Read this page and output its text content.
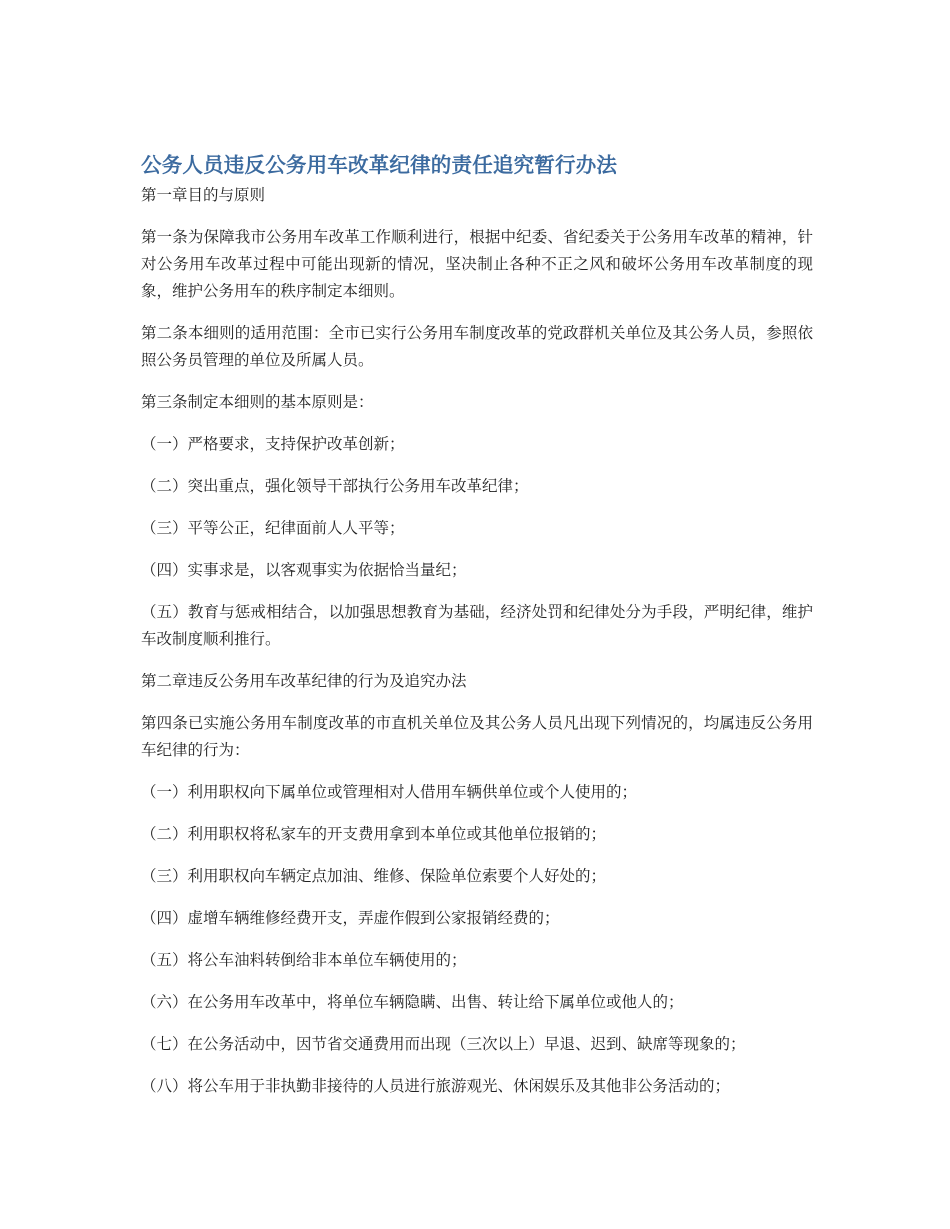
公务人员违反公务用车改革纪律的责任追究暂行办法

第一章目的与原则

第一条为保障我市公务用车改革工作顺利进行，根据中纪委、省纪委关于公务用车改革的精神，针对公务用车改革过程中可能出现新的情况，坚决制止各种不正之风和破坏公务用车改革制度的现象，维护公务用车的秩序制定本细则。

第二条本细则的适用范围：全市已实行公务用车制度改革的党政群机关单位及其公务人员，参照依照公务员管理的单位及所属人员。

第三条制定本细则的基本原则是：

（一）严格要求，支持保护改革创新；

（二）突出重点，强化领导干部执行公务用车改革纪律；

（三）平等公正，纪律面前人人平等；

（四）实事求是，以客观事实为依据恰当量纪；

（五）教育与惩戒相结合，以加强思想教育为基础，经济处罚和纪律处分为手段，严明纪律，维护车改制度顺利推行。

第二章违反公务用车改革纪律的行为及追究办法

第四条已实施公务用车制度改革的市直机关单位及其公务人员凡出现下列情况的，均属违反公务用车纪律的行为：

（一）利用职权向下属单位或管理相对人借用车辆供单位或个人使用的；

（二）利用职权将私家车的开支费用拿到本单位或其他单位报销的；

（三）利用职权向车辆定点加油、维修、保险单位索要个人好处的；

（四）虚增车辆维修经费开支，弄虚作假到公家报销经费的；

（五）将公车油料转倒给非本单位车辆使用的；

（六）在公务用车改革中，将单位车辆隐瞒、出售、转让给下属单位或他人的；

（七）在公务活动中，因节省交通费用而出现（三次以上）早退、迟到、缺席等现象的；

（八）将公车用于非执勤非接待的人员进行旅游观光、休闲娱乐及其他非公务活动的；
